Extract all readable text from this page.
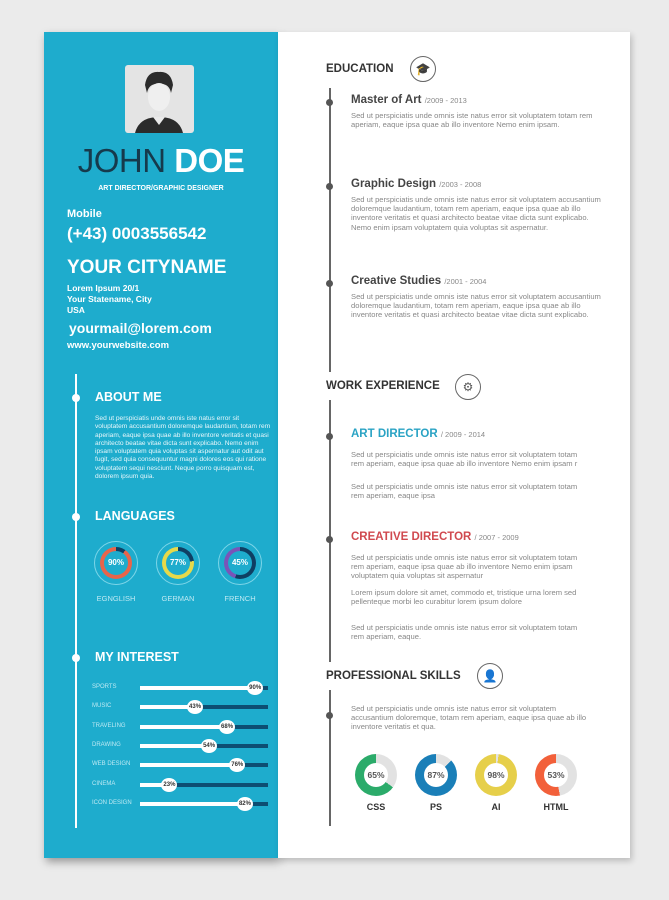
JOHN DOE
ART DIRECTOR/GRAPHIC DESIGNER
Mobile
(+43) 0003556542
YOUR CITYNAME
Lorem Ipsum 20/1
Your Statename, City
USA
yourmail@lorem.com
www.yourwebsite.com
ABOUT ME
Sed ut perspiciatis unde omnis iste natus error sit voluptatem accusantium doloremque laudantium, totam rem aperiam, eaque ipsa quae ab illo inventore veritatis et quasi architecto beatae vitae dicta sunt explicabo. Nemo enim ipsam voluptatem quia voluptas sit aspernatur aut odit aut fugit, sed quia consequuntur magni dolores eos qui ratione voluptatem sequi nesciunt. Neque porro quisquam est, dolorem ipsum quia.
LANGUAGES
90%
EGNGLISH
77%
GERMAN
45%
FRENCH
MY INTEREST
SPORTS	90%
MUSIC	43%
TRAVELING	68%
DRAWING	54%
WEB DESIGN	76%
CINEMA	23%
ICON DESIGN	82%
EDUCATION	🎓
Master of Art /2009 - 2013
Sed ut perspiciatis unde omnis iste natus error sit voluptatem totam rem aperiam, eaque ipsa quae ab illo inventore Nemo enim ipsam.
Graphic Design /2003 - 2008
Sed ut perspiciatis unde omnis iste natus error sit voluptatem accusantium doloremque laudantium, totam rem aperiam, eaque ipsa quae ab illo inventore veritatis et quasi architecto beatae vitae dicta sunt explicabo. Nemo enim ipsam voluptatem quia voluptas sit aspernatur.
Creative Studies /2001 - 2004
Sed ut perspiciatis unde omnis iste natus error sit voluptatem accusantium doloremque laudantium, totam rem aperiam, eaque ipsa quae ab illo inventore veritatis et quasi architecto beatae vitae dicta sunt explicabo.
WORK EXPERIENCE	⚙
ART DIRECTOR / 2009 - 2014
Sed ut perspiciatis unde omnis iste natus error sit voluptatem totam rem aperiam, eaque ipsa quae ab illo inventore Nemo enim ipsam r
Sed ut perspiciatis unde omnis iste natus error sit voluptatem totam rem aperiam, eaque ipsa
CREATIVE DIRECTOR / 2007 - 2009
Sed ut perspiciatis unde omnis iste natus error sit voluptatem totam rem aperiam, eaque ipsa quae ab illo inventore Nemo enim ipsam voluptatem quia voluptas sit aspernatur
Lorem ipsum dolore sit amet, commodo et, tristique urna lorem sed pellenteque morbi leo curabitur lorem ipsum dolore
Sed ut perspiciatis unde omnis iste natus error sit voluptatem totam rem aperiam, eaque.
PROFESSIONAL SKILLS	👤
Sed ut perspiciatis unde omnis iste natus error sit voluptatem accusantium doloremque, totam rem aperiam, eaque ipsa quae ab illo inventore veritatis et qua.
65%
CSS
87%
PS
98%
AI
53%
HTML
